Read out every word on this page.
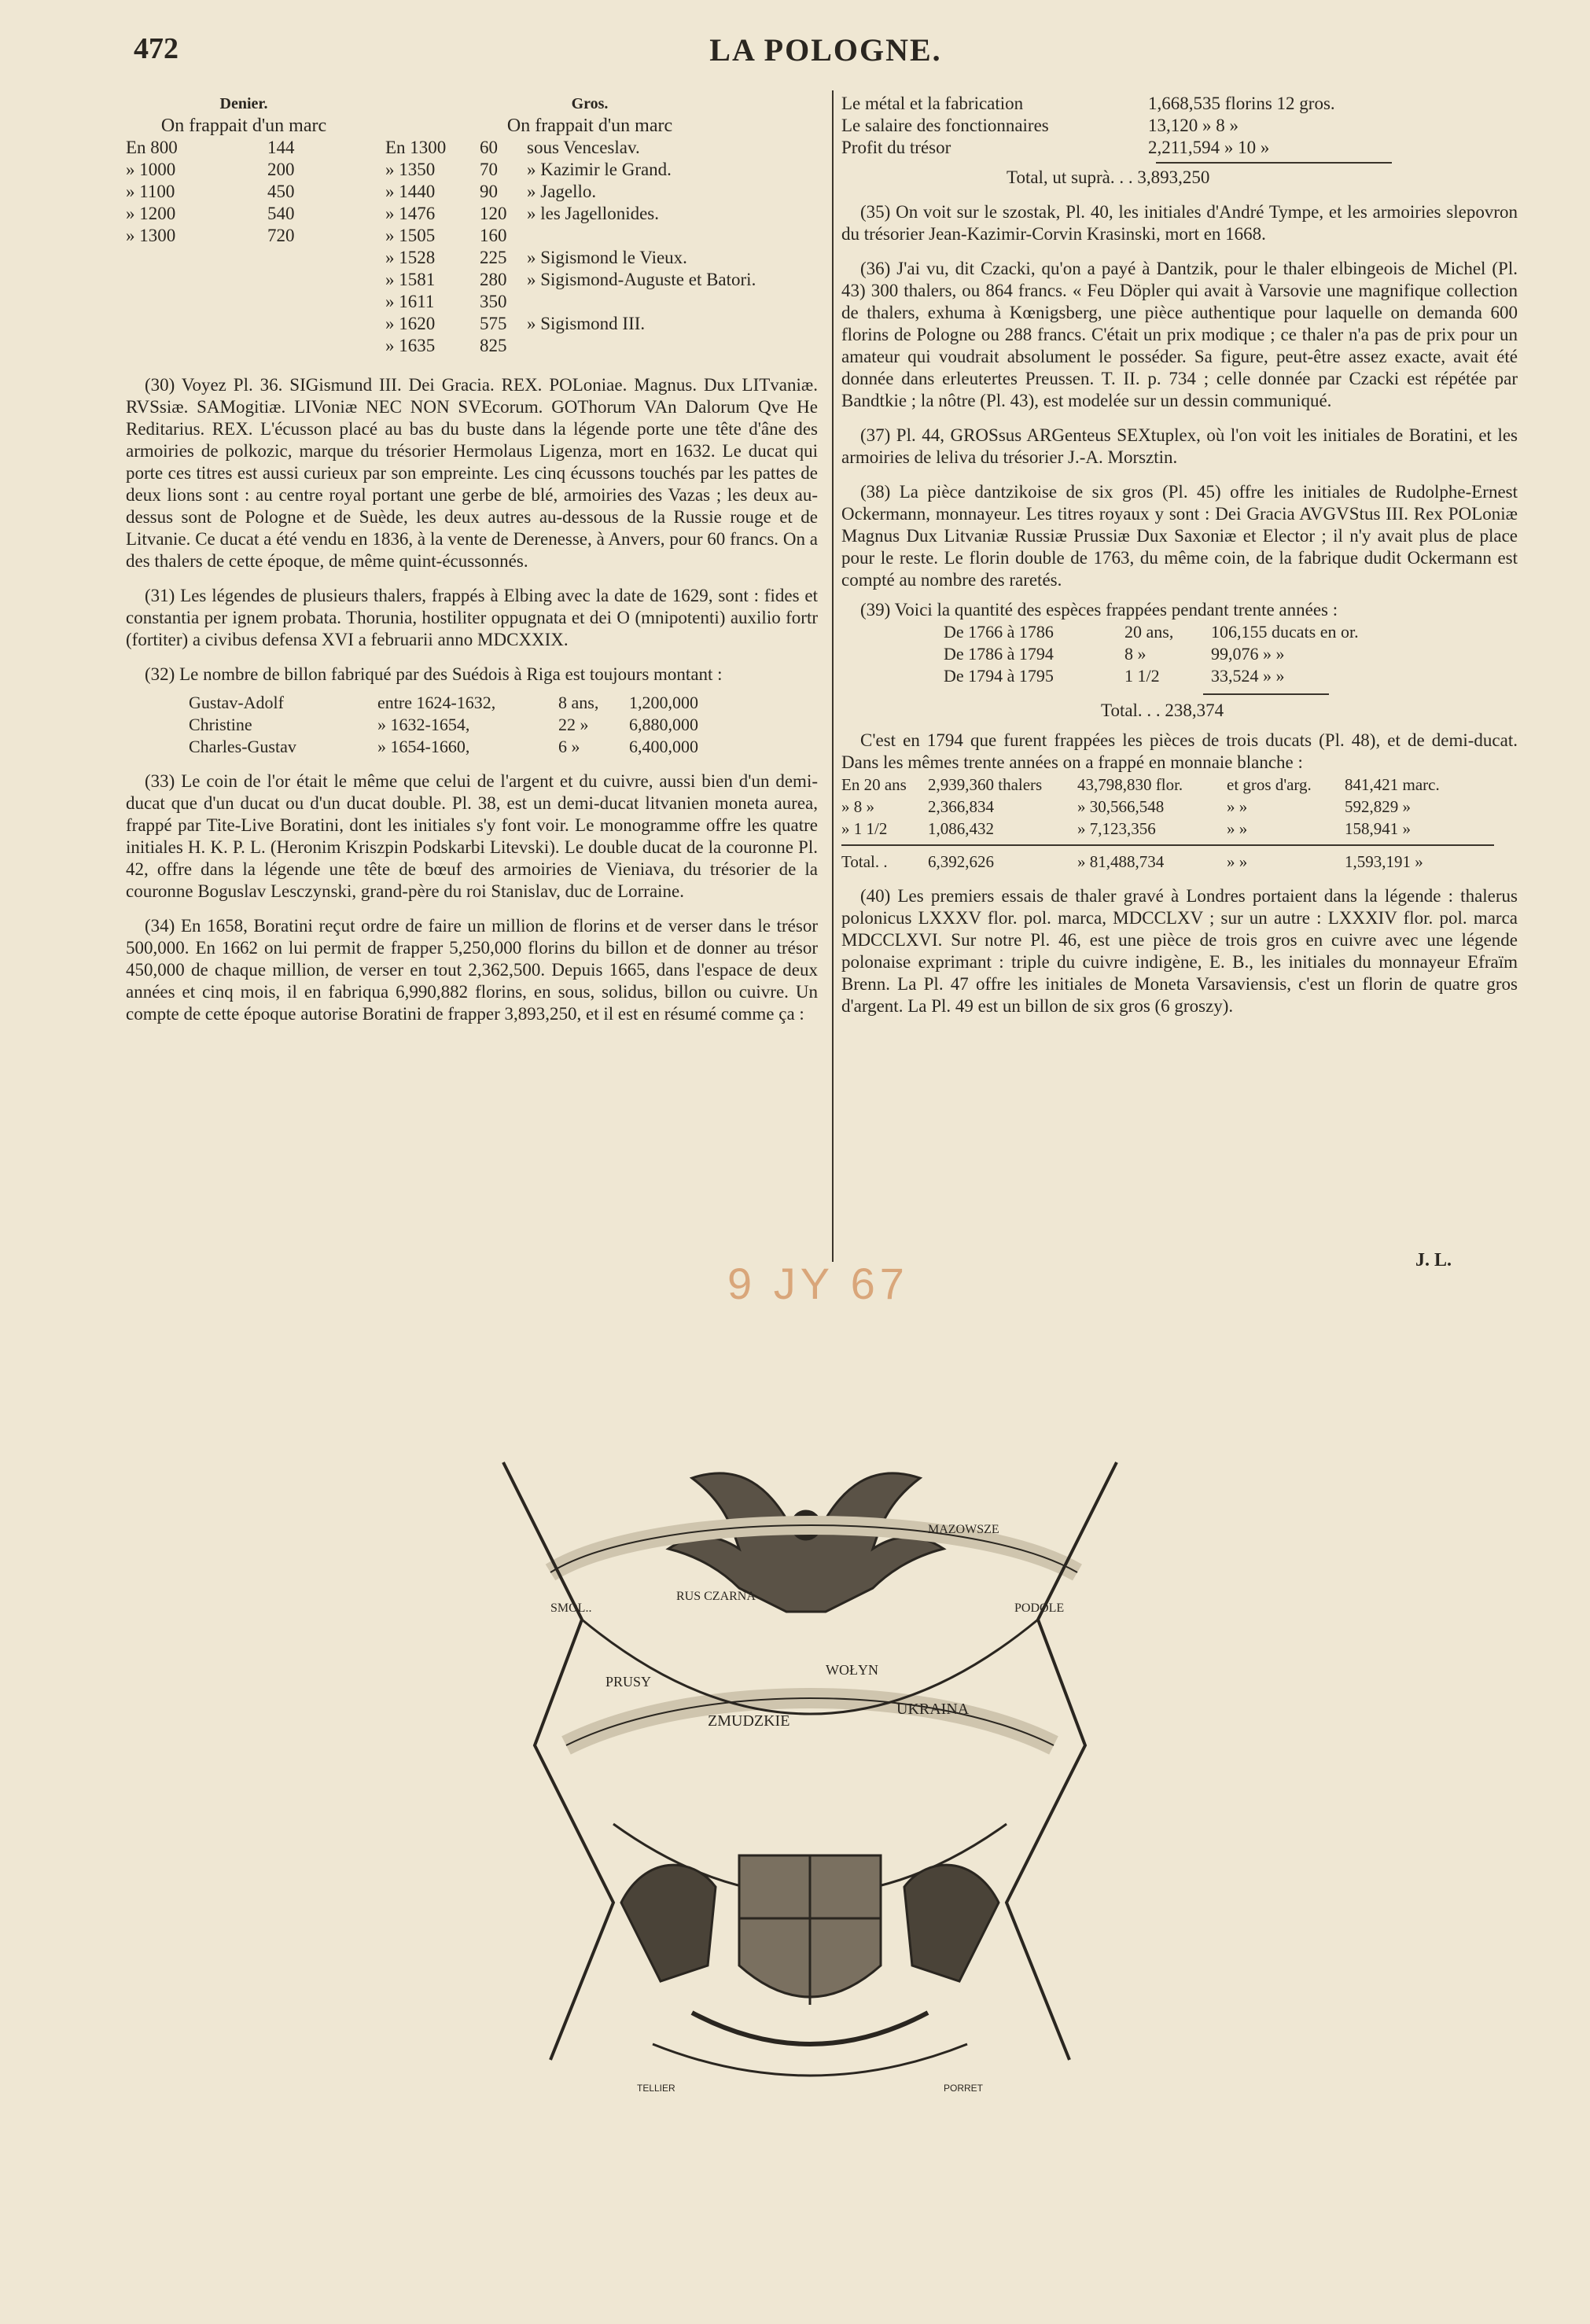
472	LA POLOGNE.
Denier.
On frappait d'un marc
En 800	144
» 1000	200
» 1100	450
» 1200	540
» 1300	720
Gros.
On frappait d'un marc
En 1300	60	sous Venceslav.
» 1350	70	» Kazimir le Grand.
» 1440	90	» Jagello.
» 1476	120	» les Jagellonides.
» 1505	160
» 1528	225	» Sigismond le Vieux.
» 1581	280	» Sigismond-Auguste et Batori.
» 1611	350
» 1620	575	» Sigismond III.
» 1635	825
(30) Voyez Pl. 36. SIGismund III. Dei Gracia. REX. POLoniae. Magnus. Dux LITvaniæ. RVSsiæ. SAMogitiæ. LIVoniæ NEC NON SVEcorum. GOThorum VAn Dalorum Qve He Reditarius. REX. L'écusson placé au bas du buste dans la légende porte une tête d'âne des armoiries de polkozic, marque du trésorier Hermolaus Ligenza, mort en 1632. Le ducat qui porte ces titres est aussi curieux par son empreinte. Les cinq écussons touchés par les pattes de deux lions sont : au centre royal portant une gerbe de blé, armoiries des Vazas ; les deux au-dessus sont de Pologne et de Suède, les deux autres au-dessous de la Russie rouge et de Litvanie. Ce ducat a été vendu en 1836, à la vente de Derenesse, à Anvers, pour 60 francs. On a des thalers de cette époque, de même quint-écussonnés.
(31) Les légendes de plusieurs thalers, frappés à Elbing avec la date de 1629, sont : fides et constantia per ignem probata. Thorunia, hostiliter oppugnata et dei O (mnipotenti) auxilio fortr (fortiter) a civibus defensa XVI a februarii anno MDCXXIX.
(32) Le nombre de billon fabriqué par des Suédois à Riga est toujours montant :
Gustav-Adolf	entre 1624-1632,	8 ans,	1,200,000
Christine	» 1632-1654,	22 »	6,880,000
Charles-Gustav	» 1654-1660,	6 »	6,400,000
(33) Le coin de l'or était le même que celui de l'argent et du cuivre, aussi bien d'un demi-ducat que d'un ducat ou d'un ducat double. Pl. 38, est un demi-ducat litvanien moneta aurea, frappé par Tite-Live Boratini, dont les initiales s'y font voir. Le monogramme offre les quatre initiales H. K. P. L. (Heronim Kriszpin Podskarbi Litevski). Le double ducat de la couronne Pl. 42, offre dans la légende une tête de bœuf des armoiries de Vieniava, du trésorier de la couronne Boguslav Lesczynski, grand-père du roi Stanislav, duc de Lorraine.
(34) En 1658, Boratini reçut ordre de faire un million de florins et de verser dans le trésor 500,000. En 1662 on lui permit de frapper 5,250,000 florins du billon et de donner au trésor 450,000 de chaque million, de verser en tout 2,362,500. Depuis 1665, dans l'espace de deux années et cinq mois, il en fabriqua 6,990,882 florins, en sous, solidus, billon ou cuivre. Un compte de cette époque autorise Boratini de frapper 3,893,250, et il est en résumé comme ça :
Le métal et la fabrication	1,668,535 florins 12 gros.
Le salaire des fonctionnaires	13,120 » 8 »
Profit du trésor	2,211,594 » 10 »
Total, ut suprà. . . 3,893,250
(35) On voit sur le szostak, Pl. 40, les initiales d'André Tympe, et les armoiries slepovron du trésorier Jean-Kazimir-Corvin Krasinski, mort en 1668.
(36) J'ai vu, dit Czacki, qu'on a payé à Dantzik, pour le thaler elbingeois de Michel (Pl. 43) 300 thalers, ou 864 francs. « Feu Döpler qui avait à Varsovie une magnifique collection de thalers, exhuma à Kœnigsberg, une pièce authentique pour laquelle on demanda 600 florins de Pologne ou 288 francs. C'était un prix modique ; ce thaler n'a pas de prix pour un amateur qui voudrait absolument le posséder. Sa figure, peut-être assez exacte, avait été donnée dans erleutertes Preussen. T. II. p. 734 ; celle donnée par Czacki est répétée par Bandtkie ; la nôtre (Pl. 43), est modelée sur un dessin communiqué.
(37) Pl. 44, GROSsus ARGenteus SEXtuplex, où l'on voit les initiales de Boratini, et les armoiries de leliva du trésorier J.-A. Morsztin.
(38) La pièce dantzikoise de six gros (Pl. 45) offre les initiales de Rudolphe-Ernest Ockermann, monnayeur. Les titres royaux y sont : Dei Gracia AVGVStus III. Rex POLoniæ Magnus Dux Litvaniæ Russiæ Prussiæ Dux Saxoniæ et Elector ; il n'y avait plus de place pour le reste. Le florin double de 1763, du même coin, de la fabrique dudit Ockermann est compté au nombre des raretés.
(39) Voici la quantité des espèces frappées pendant trente années :
De 1766 à 1786	20 ans,	106,155 ducats en or.
De 1786 à 1794	8 »	99,076 » »
De 1794 à 1795	1 1/2	33,524 » »
Total. . . 238,374
C'est en 1794 que furent frappées les pièces de trois ducats (Pl. 48), et de demi-ducat. Dans les mêmes trente années on a frappé en monnaie blanche :
En 20 ans	2,939,360 thalers	43,798,830 flor.	et gros d'arg.	841,421 marc.
» 8 »	2,366,834	» 30,566,548	» »	592,829 »
» 1 1/2	1,086,432	» 7,123,356	» »	158,941 »
Total. .	6,392,626	» 81,488,734	» »	1,593,191 »
(40) Les premiers essais de thaler gravé à Londres portaient dans la légende : thalerus polonicus LXXXV flor. pol. marca, MDCCLXV ; sur un autre : LXXXIV flor. pol. marca MDCCLXVI. Sur notre Pl. 46, est une pièce de trois gros en cuivre avec une légende polonaise exprimant : triple du cuivre indigène, E. B., les initiales du monnayeur Efraïm Brenn. La Pl. 47 offre les initiales de Moneta Varsaviensis, c'est un florin de quatre gros d'argent. La Pl. 49 est un billon de six gros (6 groszy).
9 JY 67	J. L.
ZMUDZKIE
UKRAINA
WOŁYN
PRUSY
RUS CZARNA
SMOL..	PODOLE
MAZOWSZE
TELLIER	PORRET
